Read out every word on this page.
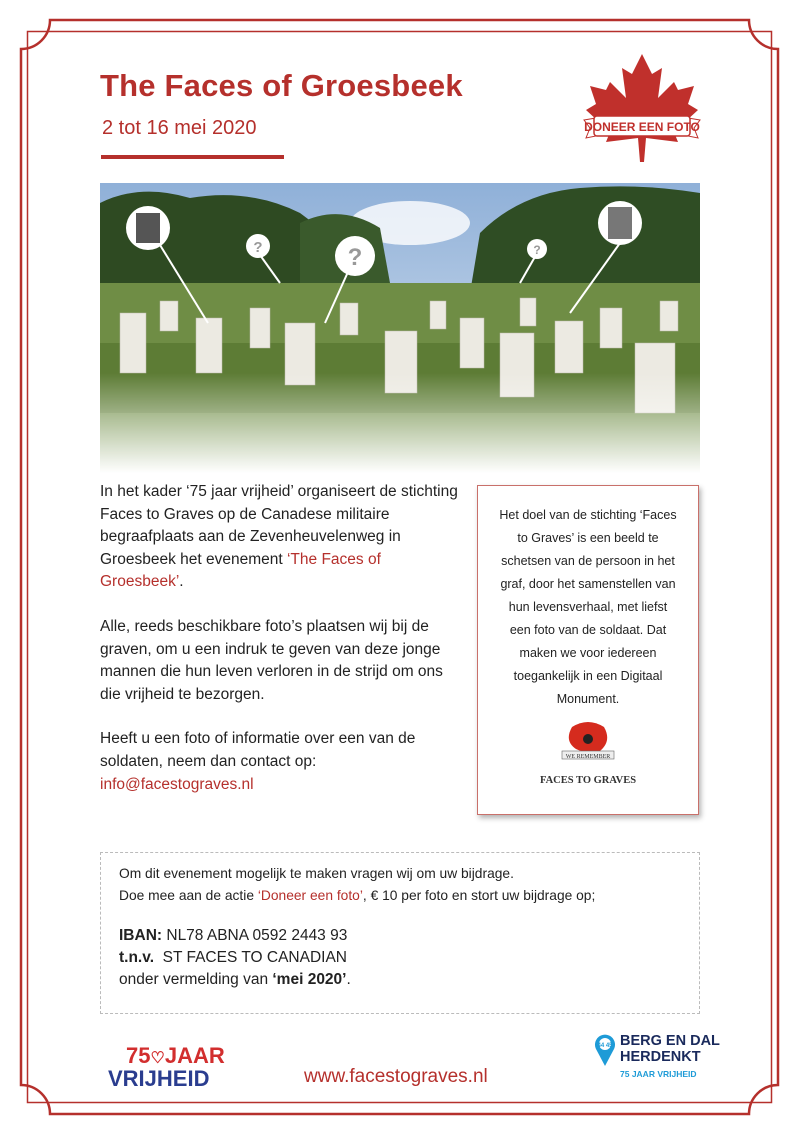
The Faces of Groesbeek
2 tot 16 mei 2020	DONEER EEN FOTO
?	?	?

In het kader ‘75 jaar vrijheid’ organiseert de stichting Faces to Graves op de Canadese militaire begraafplaats aan de Zevenheuvelenweg in Groesbeek het evenement ‘The Faces of Groesbeek’.

Alle, reeds beschikbare foto’s plaatsen wij bij de graven, om u een indruk te geven van deze jonge mannen die hun leven verloren in de strijd om ons die vrijheid te bezorgen.

Heeft u een foto of informatie over een van de soldaten, neem dan contact op:

info@facestograves.nl
Het doel van de stichting ‘Faces to Graves’ is een beeld te schetsen van de persoon in het graf, door het samenstellen van hun levensverhaal, met liefst een foto van de soldaat. Dat maken we voor iedereen toegankelijk in een Digitaal Monument.
WE REMEMBER
FACES TO GRAVES
Om dit evenement mogelijk te maken vragen wij om uw bijdrage.
Doe mee aan de actie ‘Doneer een foto’, € 10 per foto en stort uw bijdrage op;
IBAN: NL78 ABNA 0592 2443 93
t.n.v.  ST FACES TO CANADIAN
onder vermelding van ‘mei 2020’.
75♡JAAR
VRIJHEID	www.facestograves.nl
44 45 BERG EN DAL
HERDENKT
75 JAAR VRIJHEID
